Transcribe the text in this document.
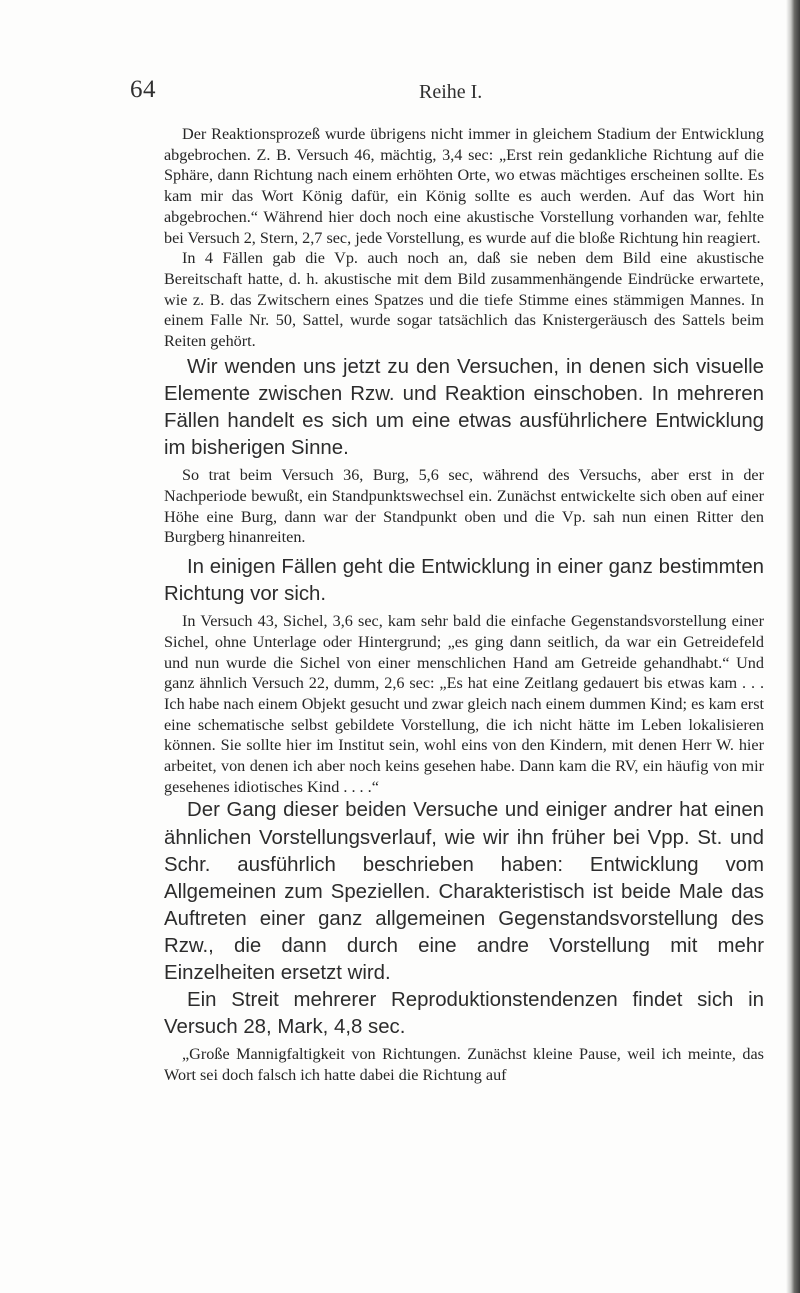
64	Reihe I.

Der Reaktionsprozeß wurde übrigens nicht immer in gleichem Stadium der Entwicklung abgebrochen. Z. B. Versuch 46, mächtig, 3,4 sec: „Erst rein gedankliche Richtung auf die Sphäre, dann Richtung nach einem erhöhten Orte, wo etwas mächtiges erscheinen sollte. Es kam mir das Wort König dafür, ein König sollte es auch werden. Auf das Wort hin abgebrochen.“ Während hier doch noch eine akustische Vorstellung vorhanden war, fehlte bei Versuch 2, Stern, 2,7 sec, jede Vorstellung, es wurde auf die bloße Richtung hin reagiert.

In 4 Fällen gab die Vp. auch noch an, daß sie neben dem Bild eine akustische Bereitschaft hatte, d. h. akustische mit dem Bild zusammenhängende Eindrücke erwartete, wie z. B. das Zwitschern eines Spatzes und die tiefe Stimme eines stämmigen Mannes. In einem Falle Nr. 50, Sattel, wurde sogar tatsächlich das Knistergeräusch des Sattels beim Reiten gehört.

Wir wenden uns jetzt zu den Versuchen, in denen sich visuelle Elemente zwischen Rzw. und Reaktion einschoben. In mehreren Fällen handelt es sich um eine etwas ausführlichere Entwicklung im bisherigen Sinne.

So trat beim Versuch 36, Burg, 5,6 sec, während des Versuchs, aber erst in der Nachperiode bewußt, ein Standpunktswechsel ein. Zunächst entwickelte sich oben auf einer Höhe eine Burg, dann war der Standpunkt oben und die Vp. sah nun einen Ritter den Burgberg hinanreiten.

In einigen Fällen geht die Entwicklung in einer ganz bestimmten Richtung vor sich.

In Versuch 43, Sichel, 3,6 sec, kam sehr bald die einfache Gegenstandsvorstellung einer Sichel, ohne Unterlage oder Hintergrund; „es ging dann seitlich, da war ein Getreidefeld und nun wurde die Sichel von einer menschlichen Hand am Getreide gehandhabt.“ Und ganz ähnlich Versuch 22, dumm, 2,6 sec: „Es hat eine Zeitlang gedauert bis etwas kam . . . Ich habe nach einem Objekt gesucht und zwar gleich nach einem dummen Kind; es kam erst eine schematische selbst gebildete Vorstellung, die ich nicht hätte im Leben lokalisieren können. Sie sollte hier im Institut sein, wohl eins von den Kindern, mit denen Herr W. hier arbeitet, von denen ich aber noch keins gesehen habe. Dann kam die RV, ein häufig von mir gesehenes idiotisches Kind . . . .“

Der Gang dieser beiden Versuche und einiger andrer hat einen ähnlichen Vorstellungsverlauf, wie wir ihn früher bei Vpp. St. und Schr. ausführlich beschrieben haben: Entwicklung vom Allgemeinen zum Speziellen. Charakteristisch ist beide Male das Auftreten einer ganz allgemeinen Gegenstandsvorstellung des Rzw., die dann durch eine andre Vorstellung mit mehr Einzelheiten ersetzt wird.

Ein Streit mehrerer Reproduktionstendenzen findet sich in Versuch 28, Mark, 4,8 sec.

„Große Mannigfaltigkeit von Richtungen. Zunächst kleine Pause, weil ich meinte, das Wort sei doch falsch ich hatte dabei die Richtung auf
